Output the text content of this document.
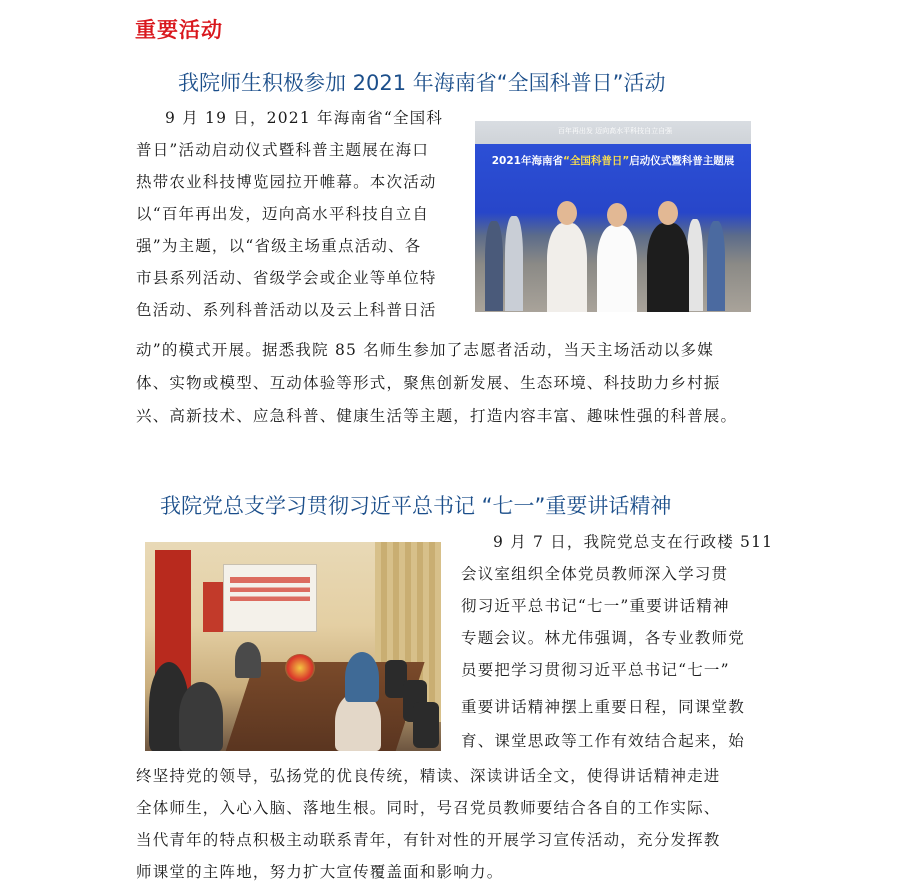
重要活动
我院师生积极参加 2021 年海南省“全国科普日”活动
9 月 19 日，2021 年海南省“全国科
普日”活动启动仪式暨科普主题展在海口
热带农业科技博览园拉开帷幕。本次活动
以“百年再出发，迈向高水平科技自立自
强”为主题，以“省级主场重点活动、各
市县系列活动、省级学会或企业等单位特
色活动、系列科普活动以及云上科普日活
动”的模式开展。据悉我院 85 名师生参加了志愿者活动，当天主场活动以多媒
体、实物或模型、互动体验等形式，聚焦创新发展、生态环境、科技助力乡村振
兴、高新技术、应急科普、健康生活等主题，打造内容丰富、趣味性强的科普展。
百年再出发 迈向高水平科技自立自强
2021年海南省“全国科普日”启动仪式暨科普主题展
我院党总支学习贯彻习近平总书记 “七一”重要讲话精神
9 月 7 日，我院党总支在行政楼 511
会议室组织全体党员教师深入学习贯
彻习近平总书记“七一”重要讲话精神
专题会议。林尤伟强调，各专业教师党
员要把学习贯彻习近平总书记“七一”
重要讲话精神摆上重要日程，同课堂教
育、课堂思政等工作有效结合起来，始
终坚持党的领导，弘扬党的优良传统，精读、深读讲话全文，使得讲话精神走进
全体师生，入心入脑、落地生根。同时，号召党员教师要结合各自的工作实际、
当代青年的特点积极主动联系青年，有针对性的开展学习宣传活动，充分发挥教
师课堂的主阵地，努力扩大宣传覆盖面和影响力。
